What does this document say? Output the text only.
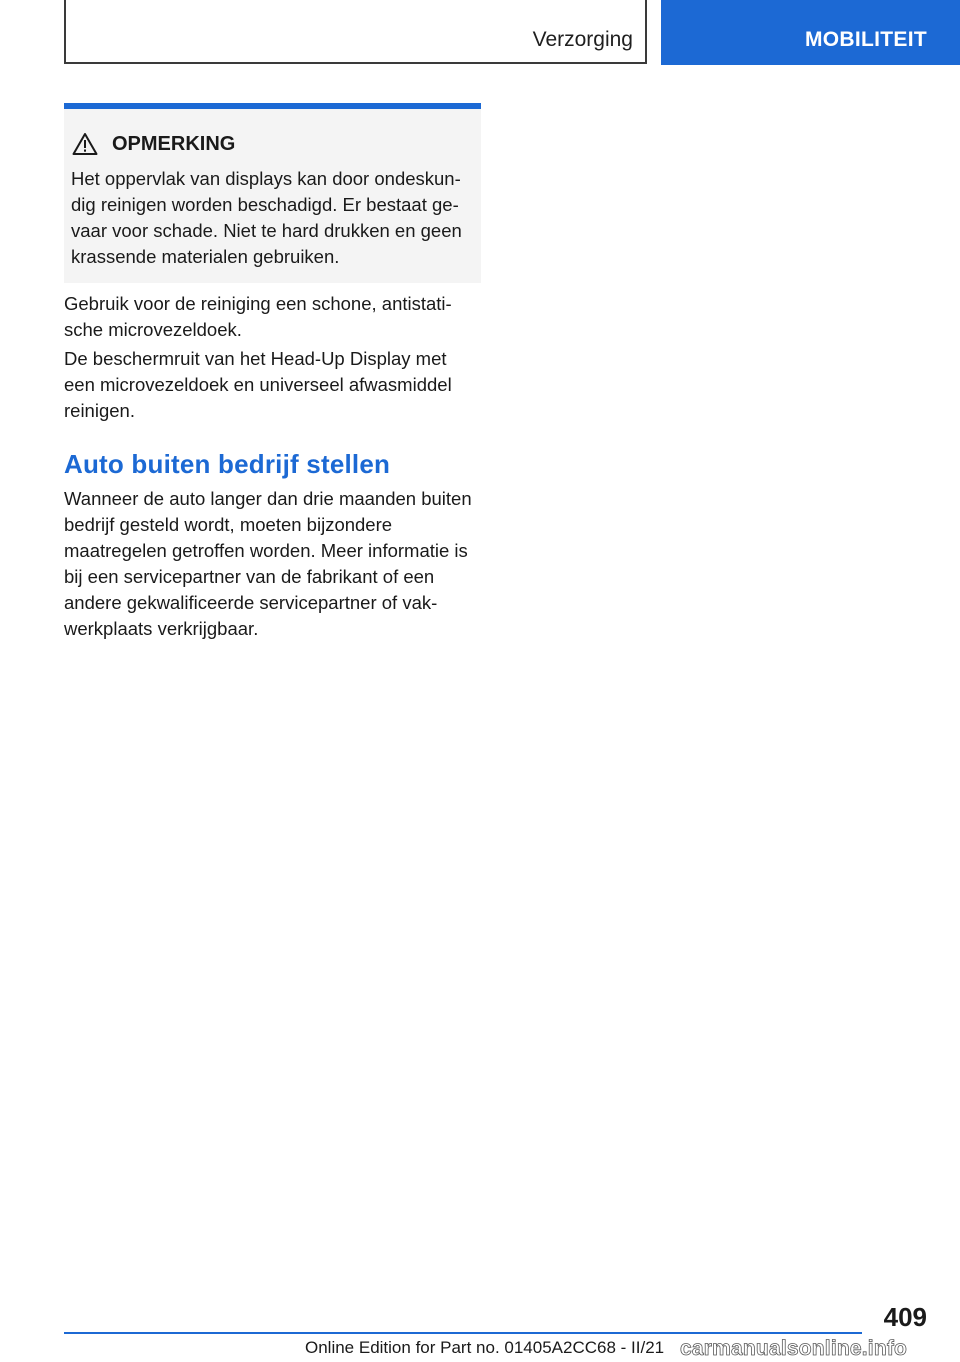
Verzorging	MOBILITEIT
OPMERKING

Het oppervlak van displays kan door ondeskundig reinigen worden beschadigd. Er bestaat gevaar voor schade. Niet te hard drukken en geen krassende materialen gebruiken.

Gebruik voor de reiniging een schone, antistatische microvezeldoek.

De beschermruit van het Head-Up Display met een microvezeldoek en universeel afwasmiddel reinigen.

Auto buiten bedrijf stellen

Wanneer de auto langer dan drie maanden buiten bedrijf gesteld wordt, moeten bijzondere maatregelen getroffen worden. Meer informatie is bij een servicepartner van de fabrikant of een andere gekwalificeerde servicepartner of vakwerkplaats verkrijgbaar.

409
Online Edition for Part no. 01405A2CC68 - II/21 carmanualsonline.info
